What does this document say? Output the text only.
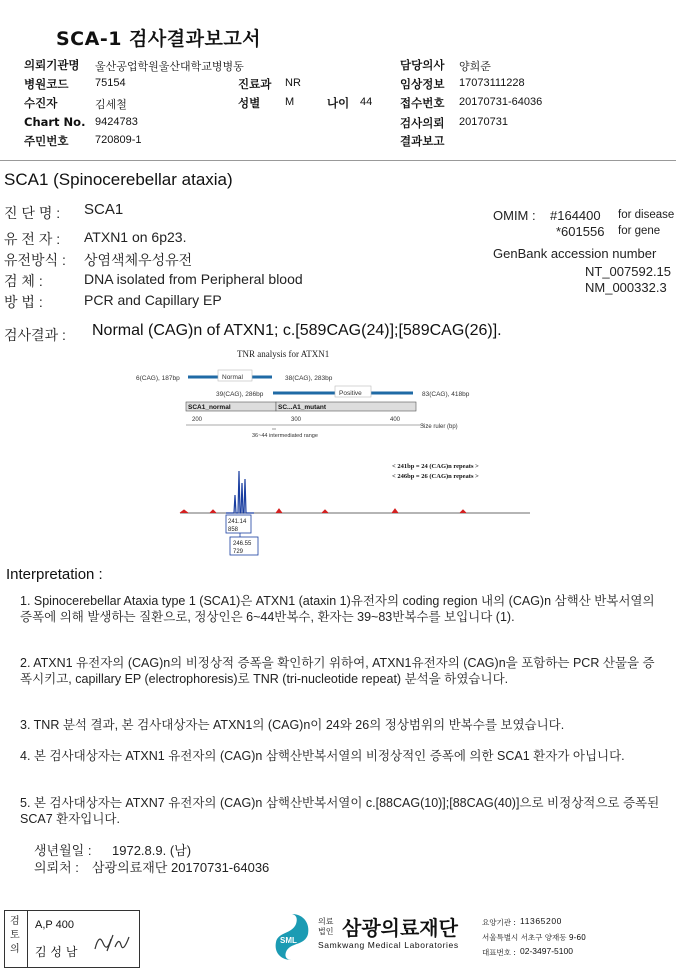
SCA-1 검사결과보고서
의뢰기관명 울산공업학원울산대학교병병동
병원코드 75154	진료과 NR
수진자	김세철	성별 M	나이 44
Chart No. 9424783
주민번호 720809-1
담당의사 양희준
임상정보 17073111228
접수번호 20170731-64036
검사의뢰 20170731
결과보고
SCA1 (Spinocerebellar ataxia)
진 단 명 : SCA1
유 전 자 : ATXN1 on 6p23.
유전방식 : 상염색체우성유전
검 체 :	DNA isolated from Peripheral blood
방 법 :	PCR and Capillary EP
검사결과 : Normal (CAG)n of ATXN1; c.[589CAG(24)];[589CAG(26)].
OMIM : #164400 for disease
*601556 for gene
GenBank accession number
NT_007592.15
NM_000332.3
TNR analysis for ATXN1
Normal
6(CAG), 187bp	38(CAG), 283bp
Positive
39(CAG), 286bp	83(CAG), 418bp
SCA1_normal	SC...A1_mutant
200	300	400
Size ruler (bp)
36~44 intermediated range
< 241bp = 24 (CAG)n repeats >
< 246bp = 26 (CAG)n repeats >
241.14
858
246.55
729
Interpretation :
1. Spinocerebellar Ataxia type 1 (SCA1)은 ATXN1 (ataxin 1)유전자의 coding region 내의 (CAG)n 삼핵산 반복서열의 증폭에 의해 발생하는 질환으로, 정상인은 6~44반복수, 환자는 39~83반복수를 보입니다 (1).
2. ATXN1 유전자의 (CAG)n의 비정상적 증폭을 확인하기 위하여, ATXN1유전자의 (CAG)n을 포함하는 PCR 산물을 증폭시키고, capillary EP (electrophoresis)로 TNR (tri-nucleotide repeat) 분석을 하였습니다.
3. TNR 분석 결과, 본 검사대상자는 ATXN1의 (CAG)n이 24와 26의 정상범위의 반복수를 보였습니다.
4. 본 검사대상자는 ATXN1 유전자의 (CAG)n 삼핵산반복서열의 비정상적인 증폭에 의한 SCA1 환자가 아닙니다.
5. 본 검사대상자는 ATXN7 유전자의 (CAG)n 삼핵산반복서열이 c.[88CAG(10)];[88CAG(40)]으로 비정상적으로 증폭된 SCA7 환자입니다.
생년월일 : 1972.8.9. (남)
의뢰처 : 삼광의료재단 20170731-64036
검토의
A,P 400
김 성 남
SML
의료법인 삼광의료재단
Samkwang Medical Laboratories
요양기관 : 11365200
서울특별시 서초구 양재동 9-60
대표번호 : 02-3497-5100
